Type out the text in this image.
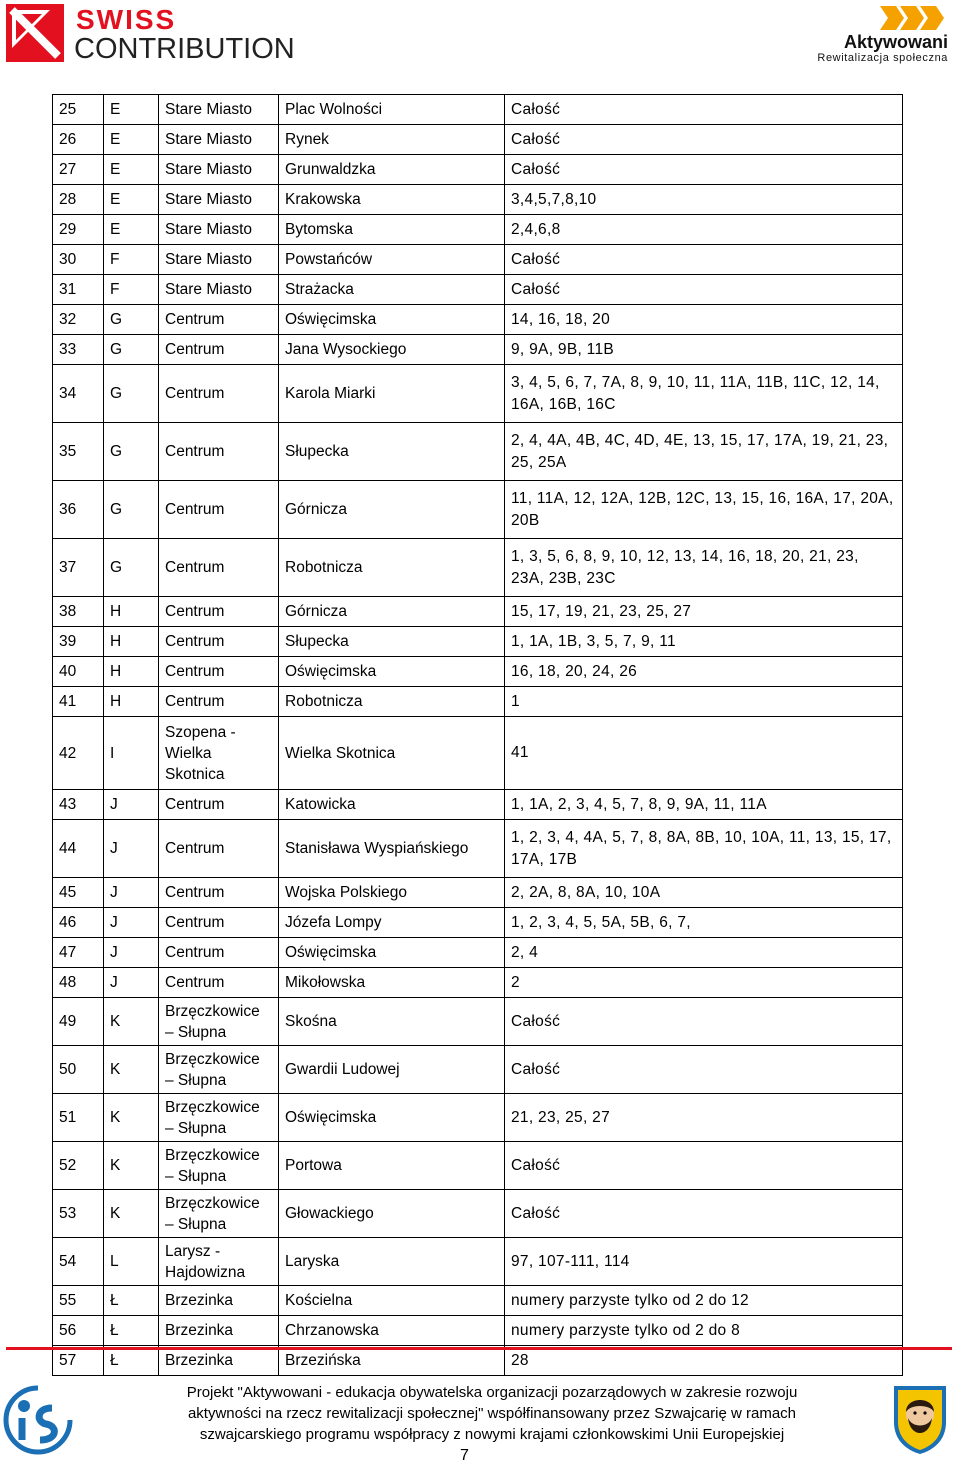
SWISS
CONTRIBUTION	Aktywowani
Rewitalizacja społeczna
25	E	Stare Miasto	Plac Wolności	Całość
26	E	Stare Miasto	Rynek	Całość
27	E	Stare Miasto	Grunwaldzka	Całość
28	E	Stare Miasto	Krakowska	3,4,5,7,8,10
29	E	Stare Miasto	Bytomska	2,4,6,8
30	F	Stare Miasto	Powstańców	Całość
31	F	Stare Miasto	Strażacka	Całość
32	G	Centrum	Oświęcimska	14, 16, 18, 20
33	G	Centrum	Jana Wysockiego	9, 9A, 9B, 11B
34	G	Centrum	Karola Miarki	3, 4, 5, 6, 7, 7A, 8, 9, 10, 11, 11A, 11B, 11C, 12, 14, 16A, 16B, 16C
35	G	Centrum	Słupecka	2, 4, 4A, 4B, 4C, 4D, 4E, 13, 15, 17, 17A, 19, 21, 23, 25, 25A
36	G	Centrum	Górnicza	11, 11A, 12, 12A, 12B, 12C, 13, 15, 16, 16A, 17, 20A, 20B
37	G	Centrum	Robotnicza	1, 3, 5, 6, 8, 9, 10, 12, 13, 14, 16, 18, 20, 21, 23, 23A, 23B, 23C
38	H	Centrum	Górnicza	15, 17, 19, 21, 23, 25, 27
39	H	Centrum	Słupecka	1, 1A, 1B, 3, 5, 7, 9, 11
40	H	Centrum	Oświęcimska	16, 18, 20, 24, 26
41	H	Centrum	Robotnicza	1
42	I	Szopena - Wielka Skotnica	Wielka Skotnica	41
43	J	Centrum	Katowicka	1, 1A, 2, 3, 4, 5, 7, 8, 9, 9A, 11, 11A
44	J	Centrum	Stanisława Wyspiańskiego	1, 2, 3, 4, 4A, 5, 7, 8, 8A, 8B, 10, 10A, 11, 13, 15, 17, 17A, 17B
45	J	Centrum	Wojska Polskiego	2, 2A, 8, 8A, 10, 10A
46	J	Centrum	Józefa Lompy	1, 2, 3, 4, 5, 5A, 5B, 6, 7,
47	J	Centrum	Oświęcimska	2, 4
48	J	Centrum	Mikołowska	2
49	K	Brzęczkowice – Słupna	Skośna	Całość
50	K	Brzęczkowice – Słupna	Gwardii Ludowej	Całość
51	K	Brzęczkowice – Słupna	Oświęcimska	21, 23, 25, 27
52	K	Brzęczkowice – Słupna	Portowa	Całość
53	K	Brzęczkowice – Słupna	Głowackiego	Całość
54	L	Larysz - Hajdowizna	Laryska	97, 107-111, 114
55	Ł	Brzezinka	Kościelna	numery parzyste tylko od 2 do 12
56	Ł	Brzezinka	Chrzanowska	numery parzyste tylko od 2 do 8
57	Ł	Brzezinka	Brzezińska	28
Projekt "Aktywowani - edukacja obywatelska organizacji pozarządowych w zakresie rozwoju
aktywności na rzecz rewitalizacji społecznej" współfinansowany przez Szwajcarię w ramach
szwajcarskiego programu współpracy z nowymi krajami członkowskimi Unii Europejskiej
7
